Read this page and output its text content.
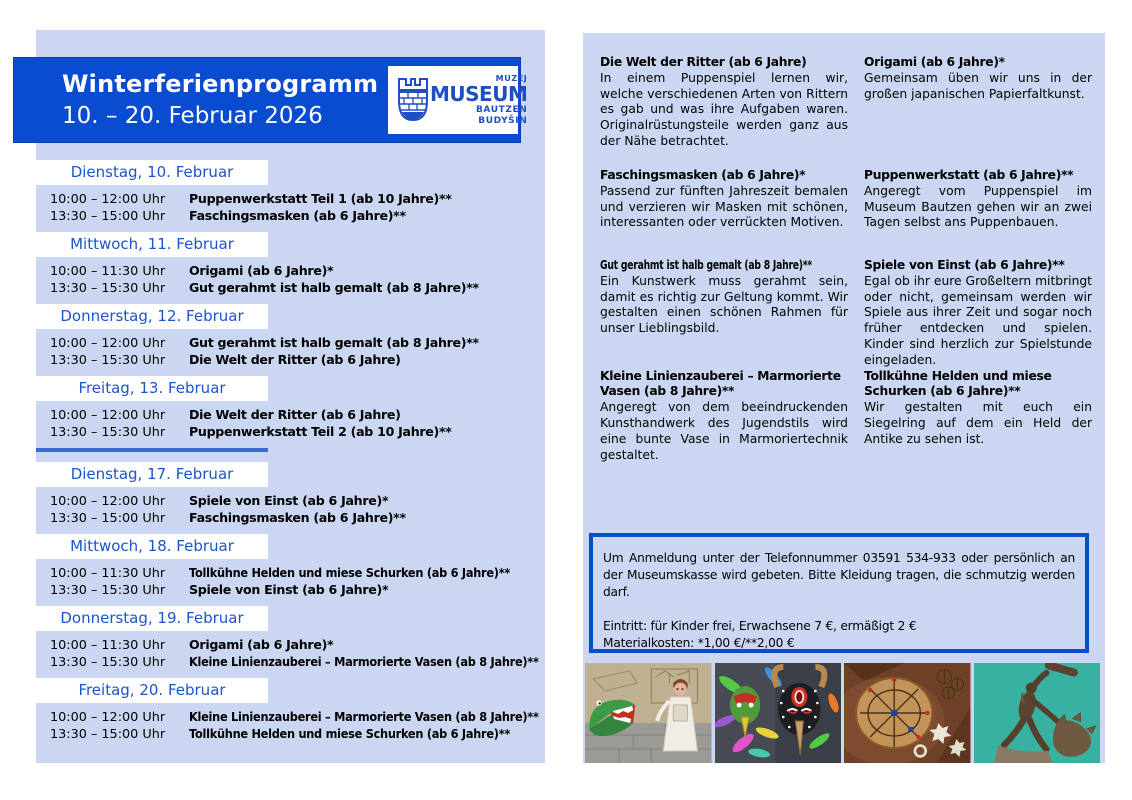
Dienstag, 10. Februar
10:00 – 12:00 Uhr	Puppenwerkstatt Teil 1 (ab 10 Jahre)**
13:30 – 15:00 Uhr	Faschingsmasken (ab 6 Jahre)**
Mittwoch, 11. Februar
10:00 – 11:30 Uhr	Origami (ab 6 Jahre)*
13:30 – 15:30 Uhr	Gut gerahmt ist halb gemalt (ab 8 Jahre)**
Donnerstag, 12. Februar
10:00 – 12:00 Uhr	Gut gerahmt ist halb gemalt (ab 8 Jahre)**
13:30 – 15:30 Uhr	Die Welt der Ritter (ab 6 Jahre)
Freitag, 13. Februar
10:00 – 12:00 Uhr	Die Welt der Ritter (ab 6 Jahre)
13:30 – 15:30 Uhr	Puppenwerkstatt Teil 2 (ab 10 Jahre)**
Dienstag, 17. Februar
10:00 – 12:00 Uhr	Spiele von Einst (ab 6 Jahre)*
13:30 – 15:00 Uhr	Faschingsmasken (ab 6 Jahre)**
Mittwoch, 18. Februar
10:00 – 11:30 Uhr	Tollkühne Helden und miese Schurken (ab 6 Jahre)**
13:30 – 15:30 Uhr	Spiele von Einst (ab 6 Jahre)*
Donnerstag, 19. Februar
10:00 – 11:30 Uhr	Origami (ab 6 Jahre)*
13:30 – 15:30 Uhr	Kleine Linienzauberei – Marmorierte Vasen (ab 8 Jahre)**
Freitag, 20. Februar
10:00 – 12:00 Uhr	Kleine Linienzauberei – Marmorierte Vasen (ab 8 Jahre)**
13:30 – 15:00 Uhr	Tollkühne Helden und miese Schurken (ab 6 Jahre)**
Winterferienprogramm
10. – 20. Februar 2026
MUZEJ
MUSEUM
BAUTZEN
BUDYŠIN
Die Welt der Ritter (ab 6 Jahre)
In einem Puppenspiel lernen wir, welche verschiedenen Arten von Rittern es gab und was ihre Aufgaben waren. Originalrüstungsteile werden ganz aus der Nähe betrachtet.
Origami (ab 6 Jahre)*
Gemeinsam üben wir uns in der großen japanischen Papierfaltkunst.
Faschingsmasken (ab 6 Jahre)*
Passend zur fünften Jahreszeit bemalen und verzieren wir Masken mit schönen, interessanten oder verrückten Motiven.
Puppenwerkstatt (ab 6 Jahre)**
Angeregt vom Puppenspiel im Museum Bautzen gehen wir an zwei Tagen selbst ans Puppenbauen.
Gut gerahmt ist halb gemalt (ab 8 Jahre)**
Ein Kunstwerk muss gerahmt sein, damit es richtig zur Geltung kommt. Wir gestalten einen schönen Rahmen für unser Lieblingsbild.
Spiele von Einst (ab 6 Jahre)**
Egal ob ihr eure Großeltern mitbringt oder nicht, gemeinsam werden wir Spiele aus ihrer Zeit und sogar noch früher entdecken und spielen. Kinder sind herzlich zur Spielstunde eingeladen.
Kleine Linienzauberei – Marmorierte Vasen (ab 8 Jahre)**
Angeregt von dem beeindruckenden Kunsthandwerk des Jugendstils wird eine bunte Vase in Marmoriertechnik gestaltet.
Tollkühne Helden und miese Schurken (ab 6 Jahre)**
Wir gestalten mit euch ein Siegelring auf dem ein Held der Antike zu sehen ist.

Um Anmeldung unter der Telefonnummer 03591 534-933 oder persönlich an der Museumskasse wird gebeten. Bitte Kleidung tragen, die schmutzig werden darf.

Eintritt: für Kinder frei, Erwachsene 7 €, ermäßigt 2 €

Materialkosten: *1,00 €/**2,00 €
